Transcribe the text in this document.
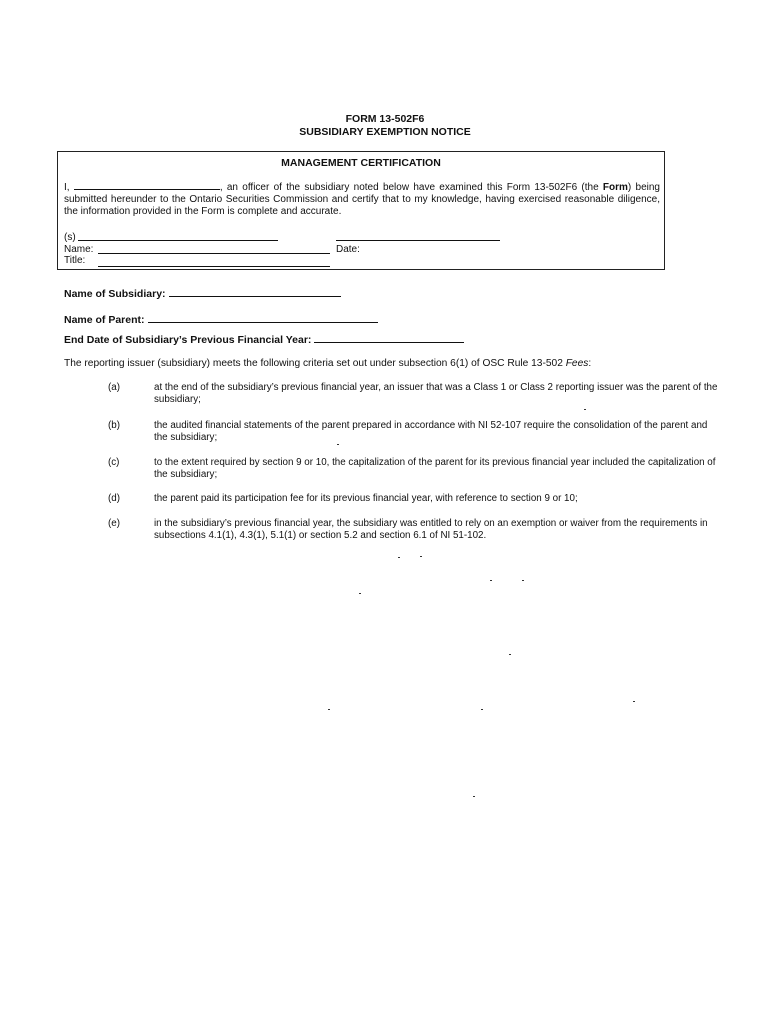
FORM 13-502F6
SUBSIDIARY EXEMPTION NOTICE
MANAGEMENT CERTIFICATION
I,	, an officer of the subsidiary noted below have examined this Form 13-502F6 (the Form) being submitted hereunder to the Ontario Securities Commission and certify that to my knowledge, having exercised reasonable diligence, the information provided in the Form is complete and accurate.
(s)
Name:	Date:
Title:
Name of Subsidiary:
Name of Parent:
End Date of Subsidiary’s Previous Financial Year:
The reporting issuer (subsidiary) meets the following criteria set out under subsection 6(1) of OSC Rule 13-502 Fees:
(a)	at the end of the subsidiary’s previous financial year, an issuer that was a Class 1 or Class 2 reporting issuer was the parent of the subsidiary;
(b)	the audited financial statements of the parent prepared in accordance with NI 52-107 require the consolidation of the parent and the subsidiary;
(c)	to the extent required by section 9 or 10, the capitalization of the parent for its previous financial year included the capitalization of the subsidiary;
(d)	the parent paid its participation fee for its previous financial year, with reference to section 9 or 10;
(e)	in the subsidiary’s previous financial year, the subsidiary was entitled to rely on an exemption or waiver from the requirements in subsections 4.1(1), 4.3(1), 5.1(1) or section 5.2 and section 6.1 of NI 51-102.
